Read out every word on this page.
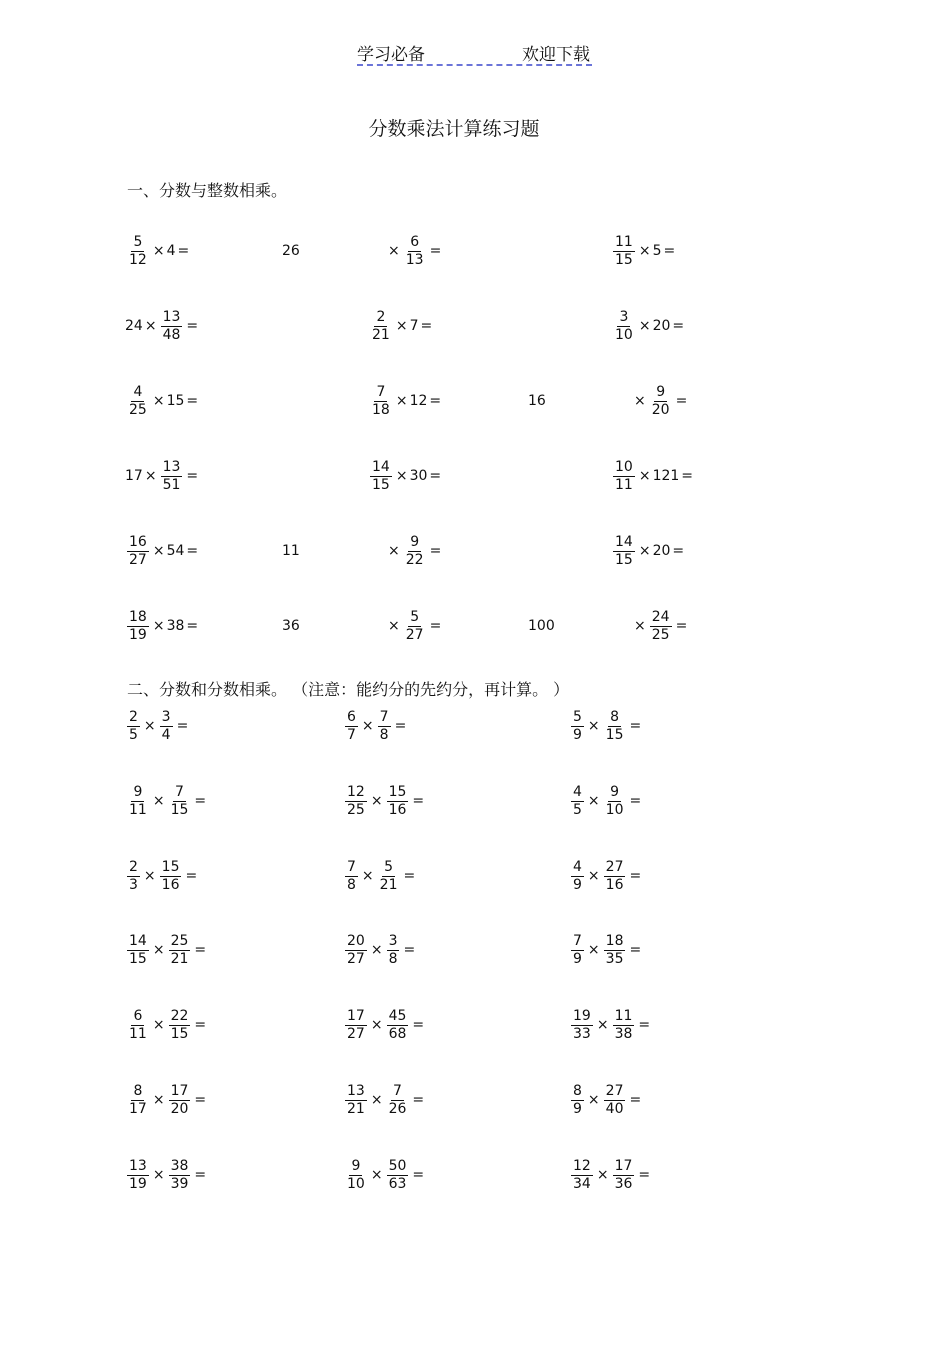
学习必备	欢迎下载
分数乘法计算练习题
一、分数与整数相乘。
$\frac{5}{12} \times 4$ =	26	× $\frac{6}{13}$ =	$\frac{11}{15} \times 5$ =
$24 \times \frac{13}{48}$ =	$\frac{2}{21} \times 7$ =	$\frac{3}{10} \times 20$ =
$\frac{4}{25} \times 15$ =	$\frac{7}{18} \times 12$ =	16	× $\frac{9}{20}$ =
$17 \times \frac{13}{51}$ =	$\frac{14}{15} \times 30$ =	$\frac{10}{11} \times 121$ =
$\frac{16}{27} \times 54$ =	11	× $\frac{9}{22}$ =	$\frac{14}{15} \times 20$ =
$\frac{18}{19} \times 38$ =	36	× $\frac{5}{27}$ =	100	× $\frac{24}{25}$ =
二、分数和分数相乘。 （注意：能约分的先约分，再计算。 ）
$\frac{2}{5} \times \frac{3}{4}$ =	$\frac{6}{7} \times \frac{7}{8}$ =	$\frac{5}{9} \times \frac{8}{15}$ =
$\frac{9}{11} \times \frac{7}{15}$ =	$\frac{12}{25} \times \frac{15}{16}$ =	$\frac{4}{5} \times \frac{9}{10}$ =
$\frac{2}{3} \times \frac{15}{16}$ =	$\frac{7}{8} \times \frac{5}{21}$ =	$\frac{4}{9} \times \frac{27}{16}$ =
$\frac{14}{15} \times \frac{25}{21}$ =	$\frac{20}{27} \times \frac{3}{8}$ =	$\frac{7}{9} \times \frac{18}{35}$ =
$\frac{6}{11} \times \frac{22}{15}$ =	$\frac{17}{27} \times \frac{45}{68}$ =	$\frac{19}{33} \times \frac{11}{38}$ =
$\frac{8}{17} \times \frac{17}{20}$ =	$\frac{13}{21} \times \frac{7}{26}$ =	$\frac{8}{9} \times \frac{27}{40}$ =
$\frac{13}{19} \times \frac{38}{39}$ =	$\frac{9}{10} \times \frac{50}{63}$ =	$\frac{12}{34} \times \frac{17}{36}$ =
